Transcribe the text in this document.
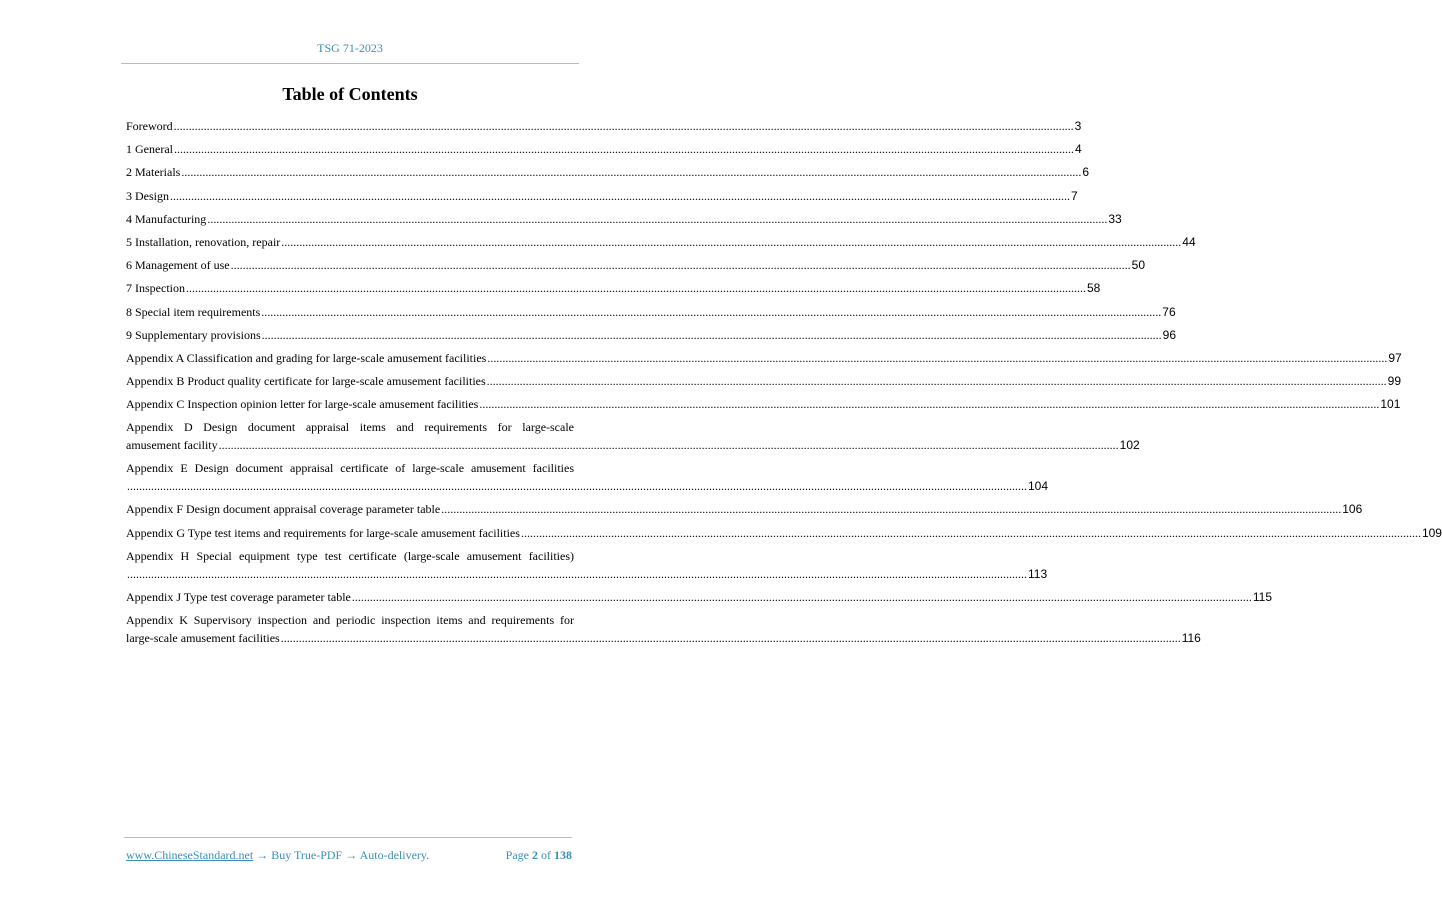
TSG 71-2023
Table of Contents
Foreword ............................................................................................................................................................................................................................................................................................................ 3
1 General ............................................................................................................................................................................................................................................................................................................ 4
2 Materials ............................................................................................................................................................................................................................................................................................................ 6
3 Design ............................................................................................................................................................................................................................................................................................................ 7
4 Manufacturing ............................................................................................................................................................................................................................................................................................................ 33
5 Installation, renovation, repair ............................................................................................................................................................................................................................................................................................................ 44
6 Management of use ............................................................................................................................................................................................................................................................................................................ 50
7 Inspection ............................................................................................................................................................................................................................................................................................................ 58
8 Special item requirements ............................................................................................................................................................................................................................................................................................................ 76
9 Supplementary provisions ............................................................................................................................................................................................................................................................................................................ 96
Appendix A Classification and grading for large-scale amusement facilities ............................................................................................................................................................................................................................................................................................................ 97
Appendix B Product quality certificate for large-scale amusement facilities ............................................................................................................................................................................................................................................................................................................ 99
Appendix C Inspection opinion letter for large-scale amusement facilities ............................................................................................................................................................................................................................................................................................................ 101
Appendix D Design document appraisal items and requirements for large-scale
amusement facility ............................................................................................................................................................................................................................................................................................................ 102
Appendix E Design document appraisal certificate of large-scale amusement facilities
............................................................................................................................................................................................................................................................................................................ 104
Appendix F Design document appraisal coverage parameter table ............................................................................................................................................................................................................................................................................................................ 106
Appendix G Type test items and requirements for large-scale amusement facilities ............................................................................................................................................................................................................................................................................................................ 109
Appendix H Special equipment type test certificate (large-scale amusement facilities)
............................................................................................................................................................................................................................................................................................................ 113
Appendix J Type test coverage parameter table ............................................................................................................................................................................................................................................................................................................ 115
Appendix K Supervisory inspection and periodic inspection items and requirements for
large-scale amusement facilities ............................................................................................................................................................................................................................................................................................................ 116
www.ChineseStandard.net → Buy True-PDF → Auto-delivery.	Page 2 of 138
